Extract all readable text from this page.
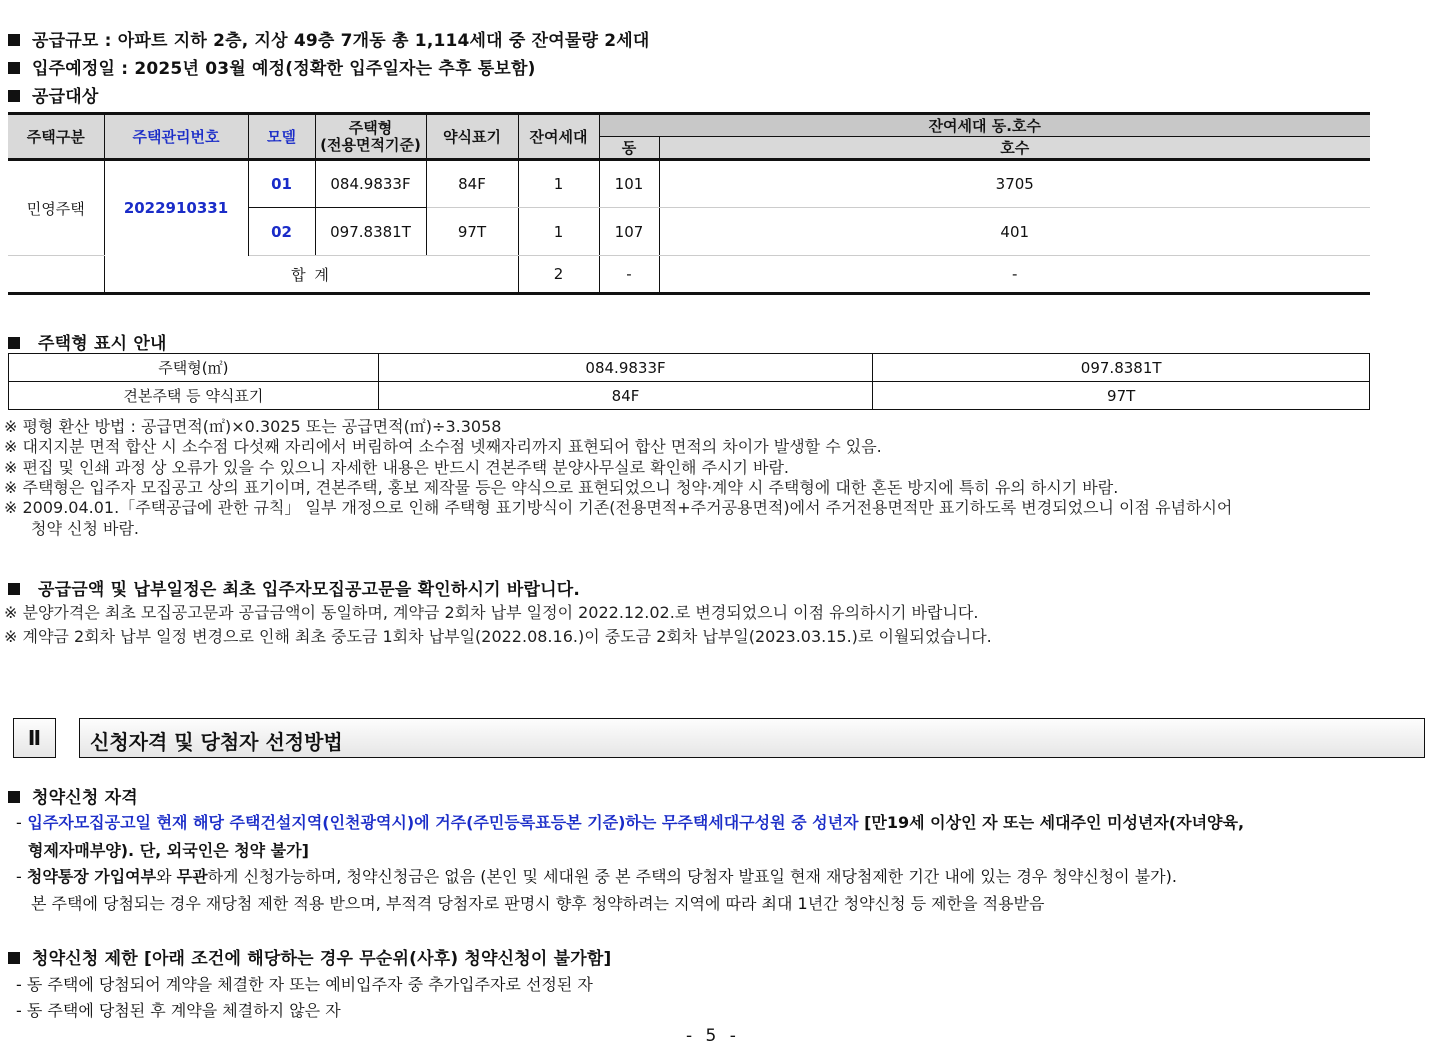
공급규모 : 아파트 지하 2층, 지상 49층 7개동 총 1,114세대 중 잔여물량 2세대
입주예정일 : 2025년 03월 예정(정확한 입주일자는 추후 통보함)
공급대상
주택구분	주택관리번호	모델	주택형
(전용면적기준)	약식표기	잔여세대	잔여세대 동.호수	
						동	호수
민영주택	2022910331	01	084.9833F	84F	1	101	3705
		02	097.8381T	97T	1	107	401
	합 계				2	-	-
주택형 표시 안내
주택형(㎡)	084.9833F	097.8381T
견본주택 등 약식표기	84F	97T
※ 평형 환산 방법 : 공급면적(㎡)×0.3025 또는 공급면적(㎡)÷3.3058
※ 대지지분 면적 합산 시 소수점 다섯째 자리에서 버림하여 소수점 넷째자리까지 표현되어 합산 면적의 차이가 발생할 수 있음.
※ 편집 및 인쇄 과정 상 오류가 있을 수 있으니 자세한 내용은 반드시 견본주택 분양사무실로 확인해 주시기 바람.
※ 주택형은 입주자 모집공고 상의 표기이며, 견본주택, 홍보 제작물 등은 약식으로 표현되었으니 청약·계약 시 주택형에 대한 혼돈 방지에 특히 유의 하시기 바람.
※ 2009.04.01.「주택공급에 관한 규칙」 일부 개정으로 인해 주택형 표기방식이 기존(전용면적+주거공용면적)에서 주거전용면적만 표기하도록 변경되었으니 이점 유념하시어
청약 신청 바람.
공급금액 및 납부일정은 최초 입주자모집공고문을 확인하시기 바랍니다.
※ 분양가격은 최초 모집공고문과 공급금액이 동일하며, 계약금 2회차 납부 일정이 2022.12.02.로 변경되었으니 이점 유의하시기 바랍니다.
※ 계약금 2회차 납부 일정 변경으로 인해 최초 중도금 1회차 납부일(2022.08.16.)이 중도금 2회차 납부일(2023.03.15.)로 이월되었습니다.
Ⅱ	신청자격 및 당첨자 선정방법
청약신청 자격
- 입주자모집공고일 현재 해당 주택건설지역(인천광역시)에 거주(주민등록표등본 기준)하는 무주택세대구성원 중 성년자 [만19세 이상인 자 또는 세대주인 미성년자(자녀양육,
형제자매부양). 단, 외국인은 청약 불가]
- 청약통장 가입여부와 무관하게 신청가능하며, 청약신청금은 없음 (본인 및 세대원 중 본 주택의 당첨자 발표일 현재 재당첨제한 기간 내에 있는 경우 청약신청이 불가).
본 주택에 당첨되는 경우 재당첨 제한 적용 받으며, 부적격 당첨자로 판명시 향후 청약하려는 지역에 따라 최대 1년간 청약신청 등 제한을 적용받음
청약신청 제한 [아래 조건에 해당하는 경우 무순위(사후) 청약신청이 불가함]
- 동 주택에 당첨되어 계약을 체결한 자 또는 예비입주자 중 추가입주자로 선정된 자
- 동 주택에 당첨된 후 계약을 체결하지 않은 자
- 5 -
